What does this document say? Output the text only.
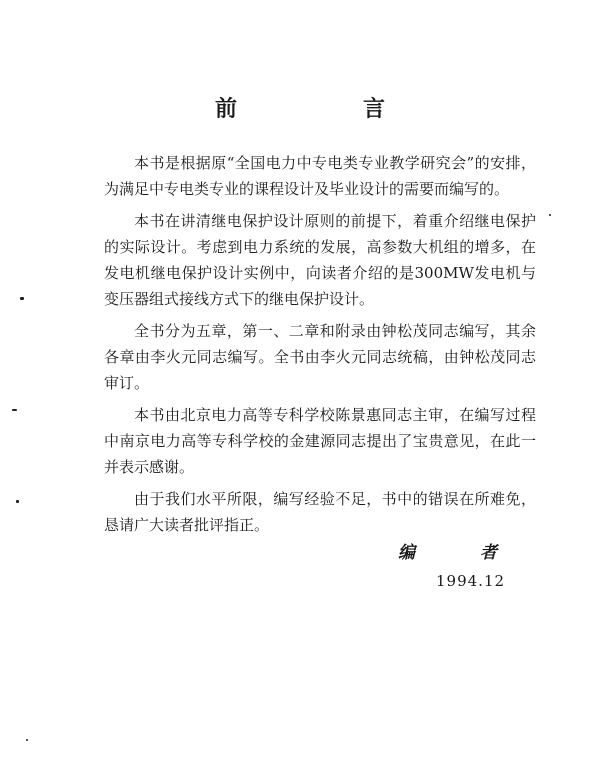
前　言

本书是根据原“全国电力中专电类专业教学研究会”的安排，为满足中专电类专业的课程设计及毕业设计的需要而编写的。

本书在讲清继电保护设计原则的前提下，着重介绍继电保护的实际设计。考虑到电力系统的发展，高参数大机组的增多，在发电机继电保护设计实例中，向读者介绍的是300MW发电机与变压器组式接线方式下的继电保护设计。

全书分为五章，第一、二章和附录由钟松茂同志编写，其余各章由李火元同志编写。全书由李火元同志统稿，由钟松茂同志审订。

本书由北京电力高等专科学校陈景惠同志主审，在编写过程中南京电力高等专科学校的金建源同志提出了宝贵意见，在此一并表示感谢。

由于我们水平所限，编写经验不足，书中的错误在所难免，恳请广大读者批评指正。

编　者
1994.12
